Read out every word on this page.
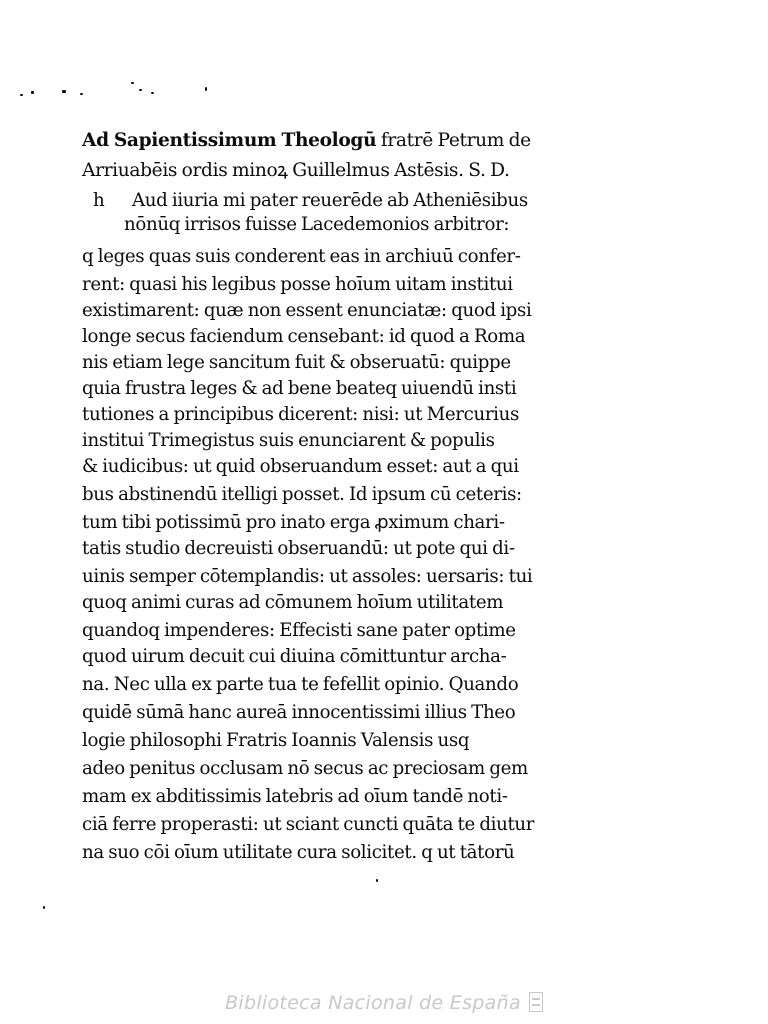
Ad Sapientissimum Theologū fratrē Petrum de
Arriuabēis ordis minoꝝ Guillelmus Astēsis. S. D.
h Aud iiuria mi pater reuerēde ab Atheniēsibus
nōnūq irrisos fuisse Lacedemonios arbitror:
q leges quas suis conderent eas in archiuū confer-
rent: quasi his legibus posse hoīum uitam institui
existimarent: quæ non essent enunciatæ: quod ipsi
longe secus faciendum censebant: id quod a Roma
nis etiam lege sancitum fuit & obseruatū: quippe
quia frustra leges & ad bene beateq uiuendū insti
tutiones a principibus dicerent: nisi: ut Mercurius
institui Trimegistus suis enunciarent & populis
& iudicibus: ut quid obseruandum esset: aut a qui
bus abstinendū itelligi posset. Id ipsum cū ceteris:
tum tibi potissimū pro inato erga ꝓximum chari-
tatis studio decreuisti obseruandū: ut pote qui di-
uinis semper cōtemplandis: ut assoles: uersaris: tui
quoq animi curas ad cōmunem hoīum utilitatem
quandoq impenderes: Effecisti sane pater optime
quod uirum decuit cui diuina cōmittuntur archa-
na. Nec ulla ex parte tua te fefellit opinio. Quando
quidē sūmā hanc aureā innocentissimi illius Theo
logie philosophi Fratris Ioannis Valensis usq
adeo penitus occlusam nō secus ac preciosam gem
mam ex abditissimis latebris ad oīum tandē noti-
ciā ferre properasti: ut sciant cuncti quāta te diutur
na suo cōi oīum utilitate cura solicitet. q ut tātorū
Biblioteca Nacional de España
